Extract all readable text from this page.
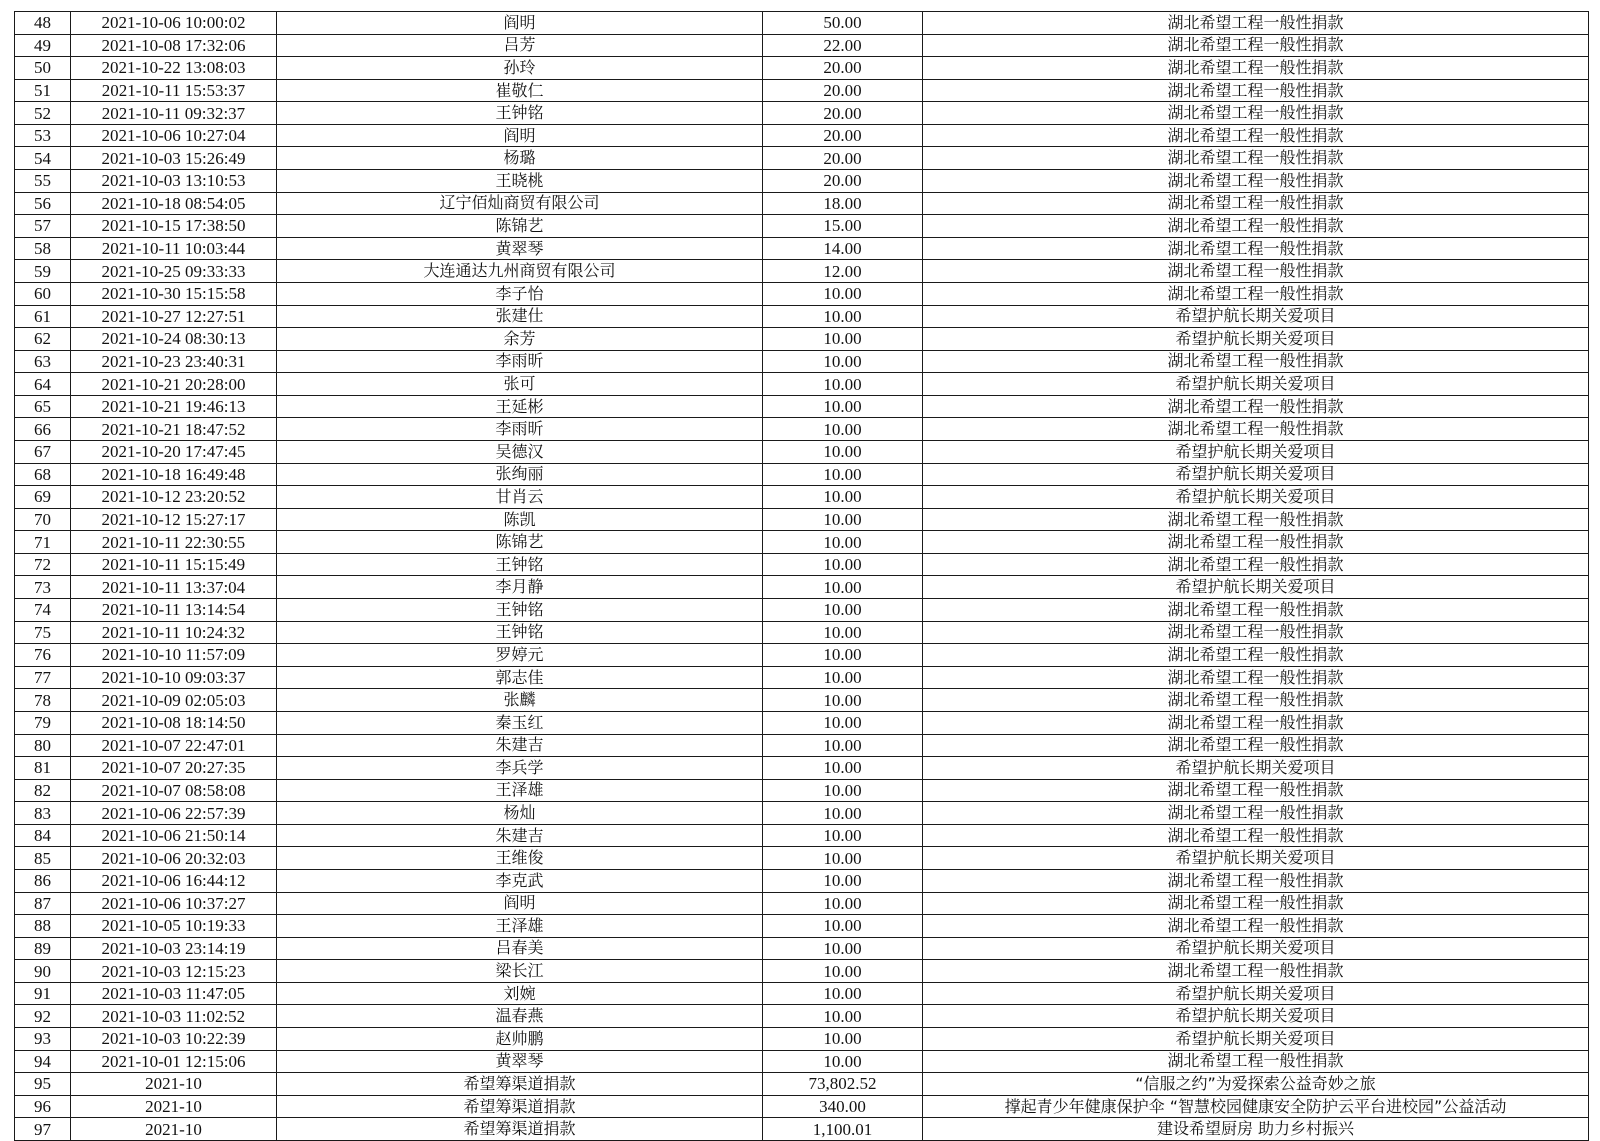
48	2021-10-06 10:00:02	阎明	50.00	湖北希望工程一般性捐款
49	2021-10-08 17:32:06	吕芳	22.00	湖北希望工程一般性捐款
50	2021-10-22 13:08:03	孙玲	20.00	湖北希望工程一般性捐款
51	2021-10-11 15:53:37	崔敬仁	20.00	湖北希望工程一般性捐款
52	2021-10-11 09:32:37	王钟铭	20.00	湖北希望工程一般性捐款
53	2021-10-06 10:27:04	阎明	20.00	湖北希望工程一般性捐款
54	2021-10-03 15:26:49	杨璐	20.00	湖北希望工程一般性捐款
55	2021-10-03 13:10:53	王晓桃	20.00	湖北希望工程一般性捐款
56	2021-10-18 08:54:05	辽宁佰灿商贸有限公司	18.00	湖北希望工程一般性捐款
57	2021-10-15 17:38:50	陈锦艺	15.00	湖北希望工程一般性捐款
58	2021-10-11 10:03:44	黄翠琴	14.00	湖北希望工程一般性捐款
59	2021-10-25 09:33:33	大连通达九州商贸有限公司	12.00	湖北希望工程一般性捐款
60	2021-10-30 15:15:58	李子怡	10.00	湖北希望工程一般性捐款
61	2021-10-27 12:27:51	张建仕	10.00	希望护航长期关爱项目
62	2021-10-24 08:30:13	余芳	10.00	希望护航长期关爱项目
63	2021-10-23 23:40:31	李雨昕	10.00	湖北希望工程一般性捐款
64	2021-10-21 20:28:00	张可	10.00	希望护航长期关爱项目
65	2021-10-21 19:46:13	王延彬	10.00	湖北希望工程一般性捐款
66	2021-10-21 18:47:52	李雨昕	10.00	湖北希望工程一般性捐款
67	2021-10-20 17:47:45	吴德汉	10.00	希望护航长期关爱项目
68	2021-10-18 16:49:48	张绚丽	10.00	希望护航长期关爱项目
69	2021-10-12 23:20:52	甘肖云	10.00	希望护航长期关爱项目
70	2021-10-12 15:27:17	陈凯	10.00	湖北希望工程一般性捐款
71	2021-10-11 22:30:55	陈锦艺	10.00	湖北希望工程一般性捐款
72	2021-10-11 15:15:49	王钟铭	10.00	湖北希望工程一般性捐款
73	2021-10-11 13:37:04	李月静	10.00	希望护航长期关爱项目
74	2021-10-11 13:14:54	王钟铭	10.00	湖北希望工程一般性捐款
75	2021-10-11 10:24:32	王钟铭	10.00	湖北希望工程一般性捐款
76	2021-10-10 11:57:09	罗婷元	10.00	湖北希望工程一般性捐款
77	2021-10-10 09:03:37	郭志佳	10.00	湖北希望工程一般性捐款
78	2021-10-09 02:05:03	张麟	10.00	湖北希望工程一般性捐款
79	2021-10-08 18:14:50	秦玉红	10.00	湖北希望工程一般性捐款
80	2021-10-07 22:47:01	朱建吉	10.00	湖北希望工程一般性捐款
81	2021-10-07 20:27:35	李兵学	10.00	希望护航长期关爱项目
82	2021-10-07 08:58:08	王泽雄	10.00	湖北希望工程一般性捐款
83	2021-10-06 22:57:39	杨灿	10.00	湖北希望工程一般性捐款
84	2021-10-06 21:50:14	朱建吉	10.00	湖北希望工程一般性捐款
85	2021-10-06 20:32:03	王维俊	10.00	希望护航长期关爱项目
86	2021-10-06 16:44:12	李克武	10.00	湖北希望工程一般性捐款
87	2021-10-06 10:37:27	阎明	10.00	湖北希望工程一般性捐款
88	2021-10-05 10:19:33	王泽雄	10.00	湖北希望工程一般性捐款
89	2021-10-03 23:14:19	吕春美	10.00	希望护航长期关爱项目
90	2021-10-03 12:15:23	梁长江	10.00	湖北希望工程一般性捐款
91	2021-10-03 11:47:05	刘婉	10.00	希望护航长期关爱项目
92	2021-10-03 11:02:52	温春燕	10.00	希望护航长期关爱项目
93	2021-10-03 10:22:39	赵帅鹏	10.00	希望护航长期关爱项目
94	2021-10-01 12:15:06	黄翠琴	10.00	湖北希望工程一般性捐款
95	2021-10	希望筹渠道捐款	73,802.52	“信服之约”为爱探索公益奇妙之旅
96	2021-10	希望筹渠道捐款	340.00	撑起青少年健康保护伞 “智慧校园健康安全防护云平台进校园”公益活动
97	2021-10	希望筹渠道捐款	1,100.01	建设希望厨房 助力乡村振兴
